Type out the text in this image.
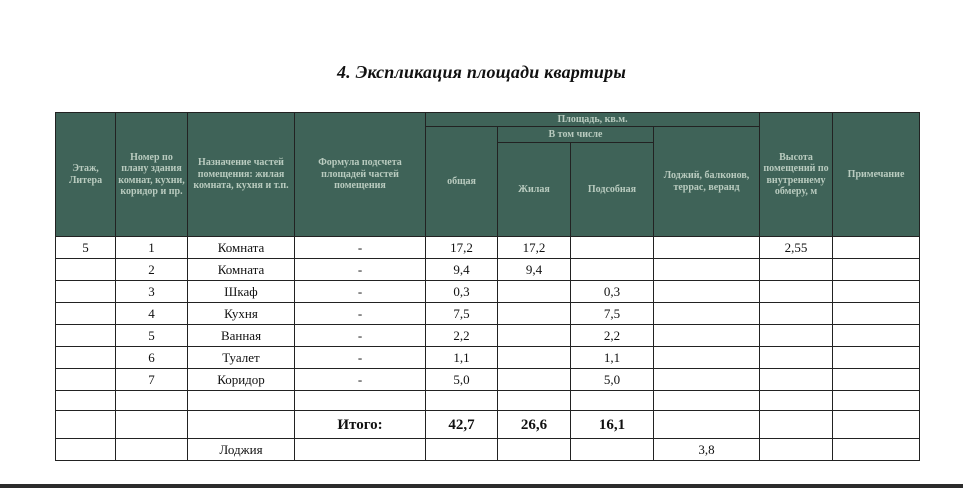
4. Экспликация площади квартиры
Этаж, Литера	Номер по плану здания комнат, кухни, коридор и пр.	Назначение частей помещения: жилая комната, кухня и т.п.	Формула подсчета площадей частей помещения	Площадь, кв.м.				Высота помещений по внутреннему обмеру, м	Примечание
				общая	В том числе		Лоджий, балконов, террас, веранд		
					Жилая	Подсобная			
5	1	Комната	-	17,2	17,2			2,55	
	2	Комната	-	9,4	9,4				
	3	Шкаф	-	0,3		0,3			
	4	Кухня	-	7,5		7,5			
	5	Ванная	-	2,2		2,2			
	6	Туалет	-	1,1		1,1			
	7	Коридор	-	5,0		5,0			

			Итого:	42,7	26,6	16,1			
		Лоджия					3,8		
